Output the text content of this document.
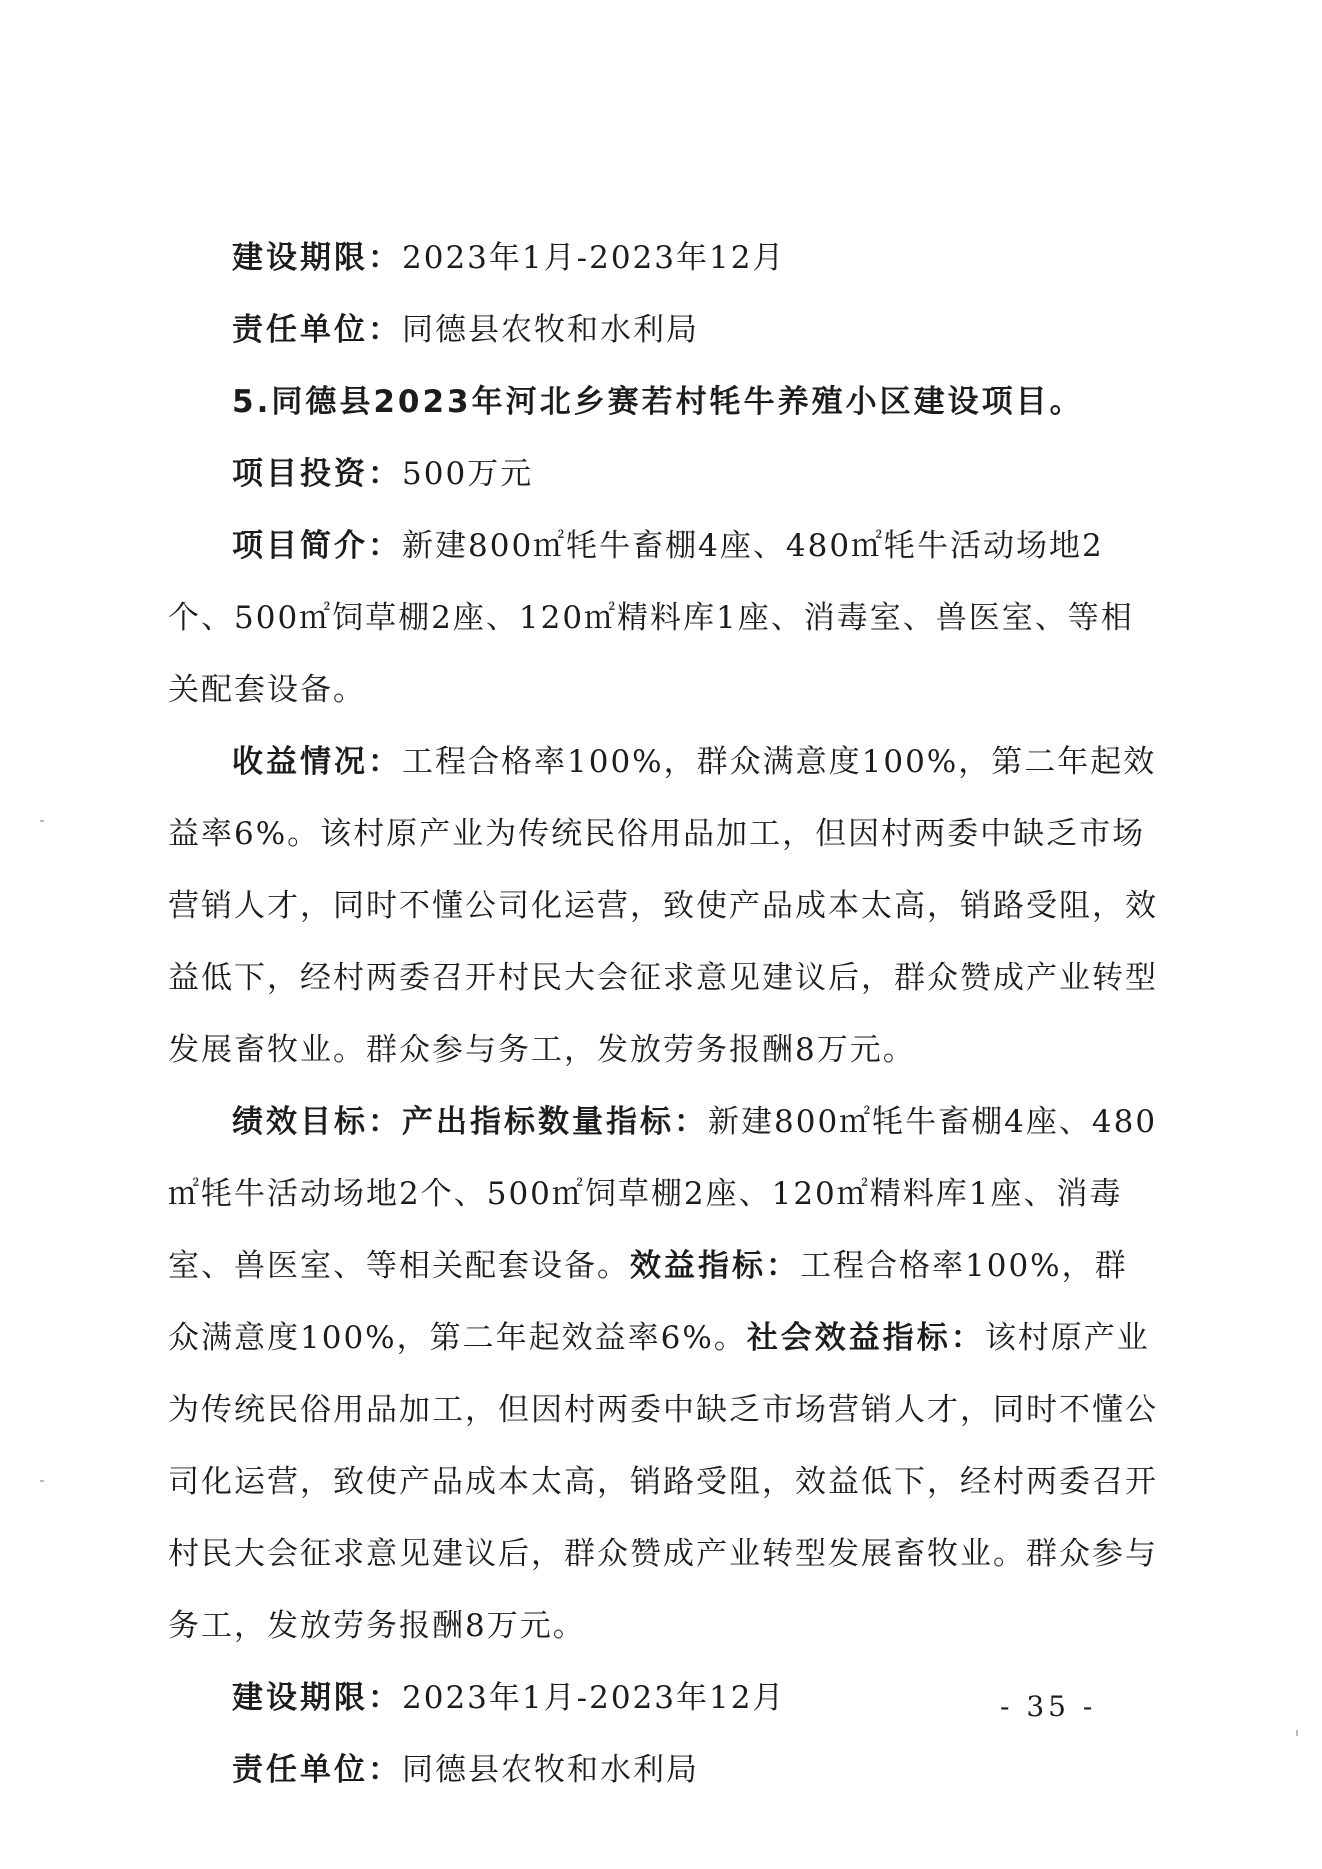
建设期限：2023年1月-2023年12月

责任单位：同德县农牧和水利局

5.同德县2023年河北乡赛若村牦牛养殖小区建设项目。

项目投资：500万元

项目简介：新建800㎡牦牛畜棚4座、480㎡牦牛活动场地2个、500㎡饲草棚2座、120㎡精料库1座、消毒室、兽医室、等相关配套设备。

收益情况：工程合格率100%，群众满意度100%，第二年起效益率6%。该村原产业为传统民俗用品加工，但因村两委中缺乏市场营销人才，同时不懂公司化运营，致使产品成本太高，销路受阻，效益低下，经村两委召开村民大会征求意见建议后，群众赞成产业转型发展畜牧业。群众参与务工，发放劳务报酬8万元。

绩效目标：产出指标数量指标：新建800㎡牦牛畜棚4座、480㎡牦牛活动场地2个、500㎡饲草棚2座、120㎡精料库1座、消毒室、兽医室、等相关配套设备。效益指标：工程合格率100%，群众满意度100%，第二年起效益率6%。社会效益指标：该村原产业为传统民俗用品加工，但因村两委中缺乏市场营销人才，同时不懂公司化运营，致使产品成本太高，销路受阻，效益低下，经村两委召开村民大会征求意见建议后，群众赞成产业转型发展畜牧业。群众参与务工，发放劳务报酬8万元。

建设期限：2023年1月-2023年12月

责任单位：同德县农牧和水利局

- 35 -
